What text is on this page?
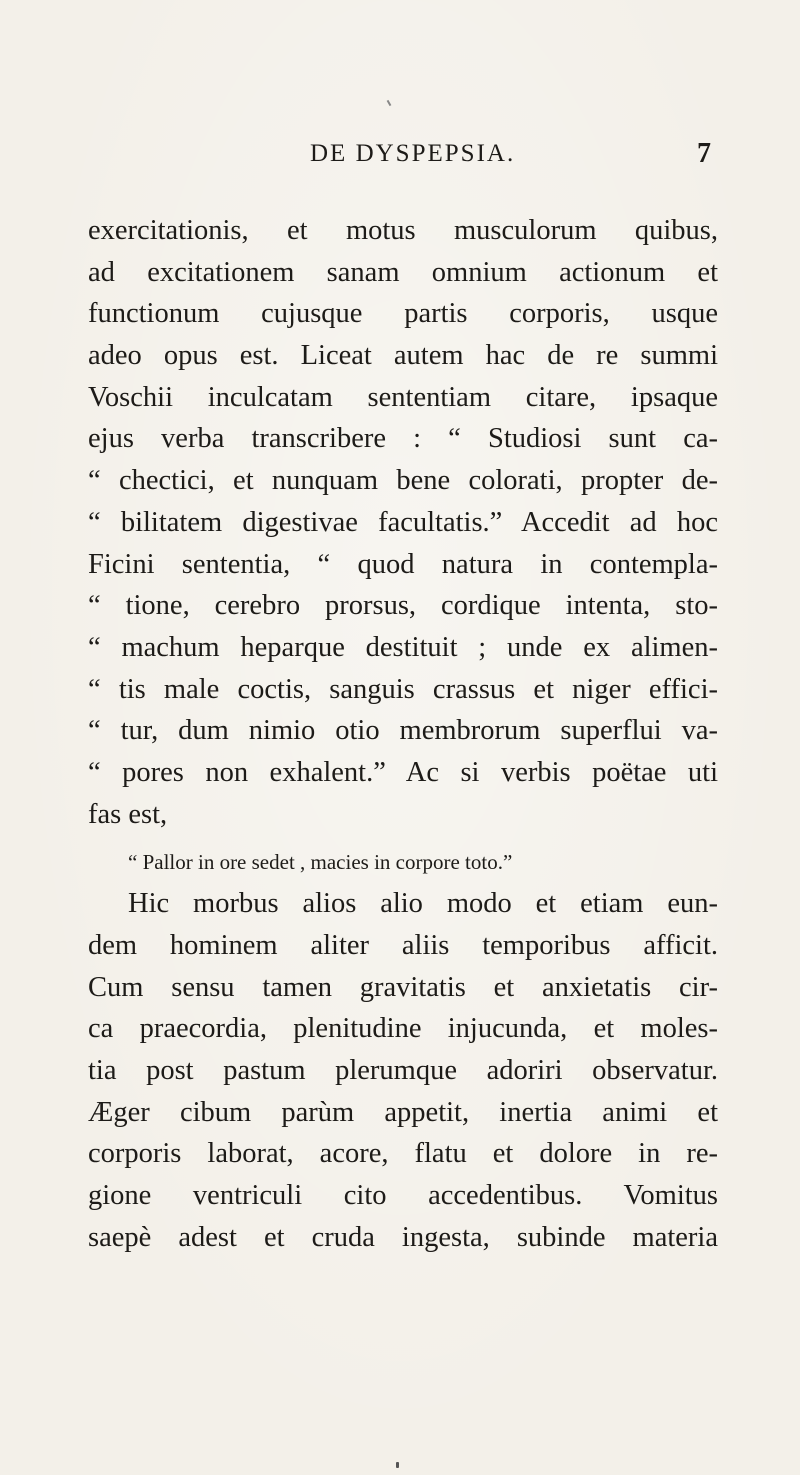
DE DYSPEPSIA.	7
exercitationis, et motus musculorum quibus,
ad excitationem sanam omnium actionum et
functionum cujusque partis corporis, usque
adeo opus est. Liceat autem hac de re summi
Voschii inculcatam sententiam citare, ipsaque
ejus verba transcribere : “ Studiosi sunt ca-
“ chectici, et nunquam bene colorati, propter de-
“ bilitatem digestivae facultatis.” Accedit ad hoc
Ficini sententia, “ quod natura in contempla-
“ tione, cerebro prorsus, cordique intenta, sto-
“ machum heparque destituit ; unde ex alimen-
“ tis male coctis, sanguis crassus et niger effici-
“ tur, dum nimio otio membrorum superflui va-
“ pores non exhalent.” Ac si verbis poëtae uti
fas est,
“ Pallor in ore sedet , macies in corpore toto.”
Hic morbus alios alio modo et etiam eun-
dem hominem aliter aliis temporibus afficit.
Cum sensu tamen gravitatis et anxietatis cir-
ca praecordia, plenitudine injucunda, et moles-
tia post pastum plerumque adoriri observatur.
Æger cibum parùm appetit, inertia animi et
corporis laborat, acore, flatu et dolore in re-
gione ventriculi cito accedentibus. Vomitus
saepè adest et cruda ingesta, subinde materia
